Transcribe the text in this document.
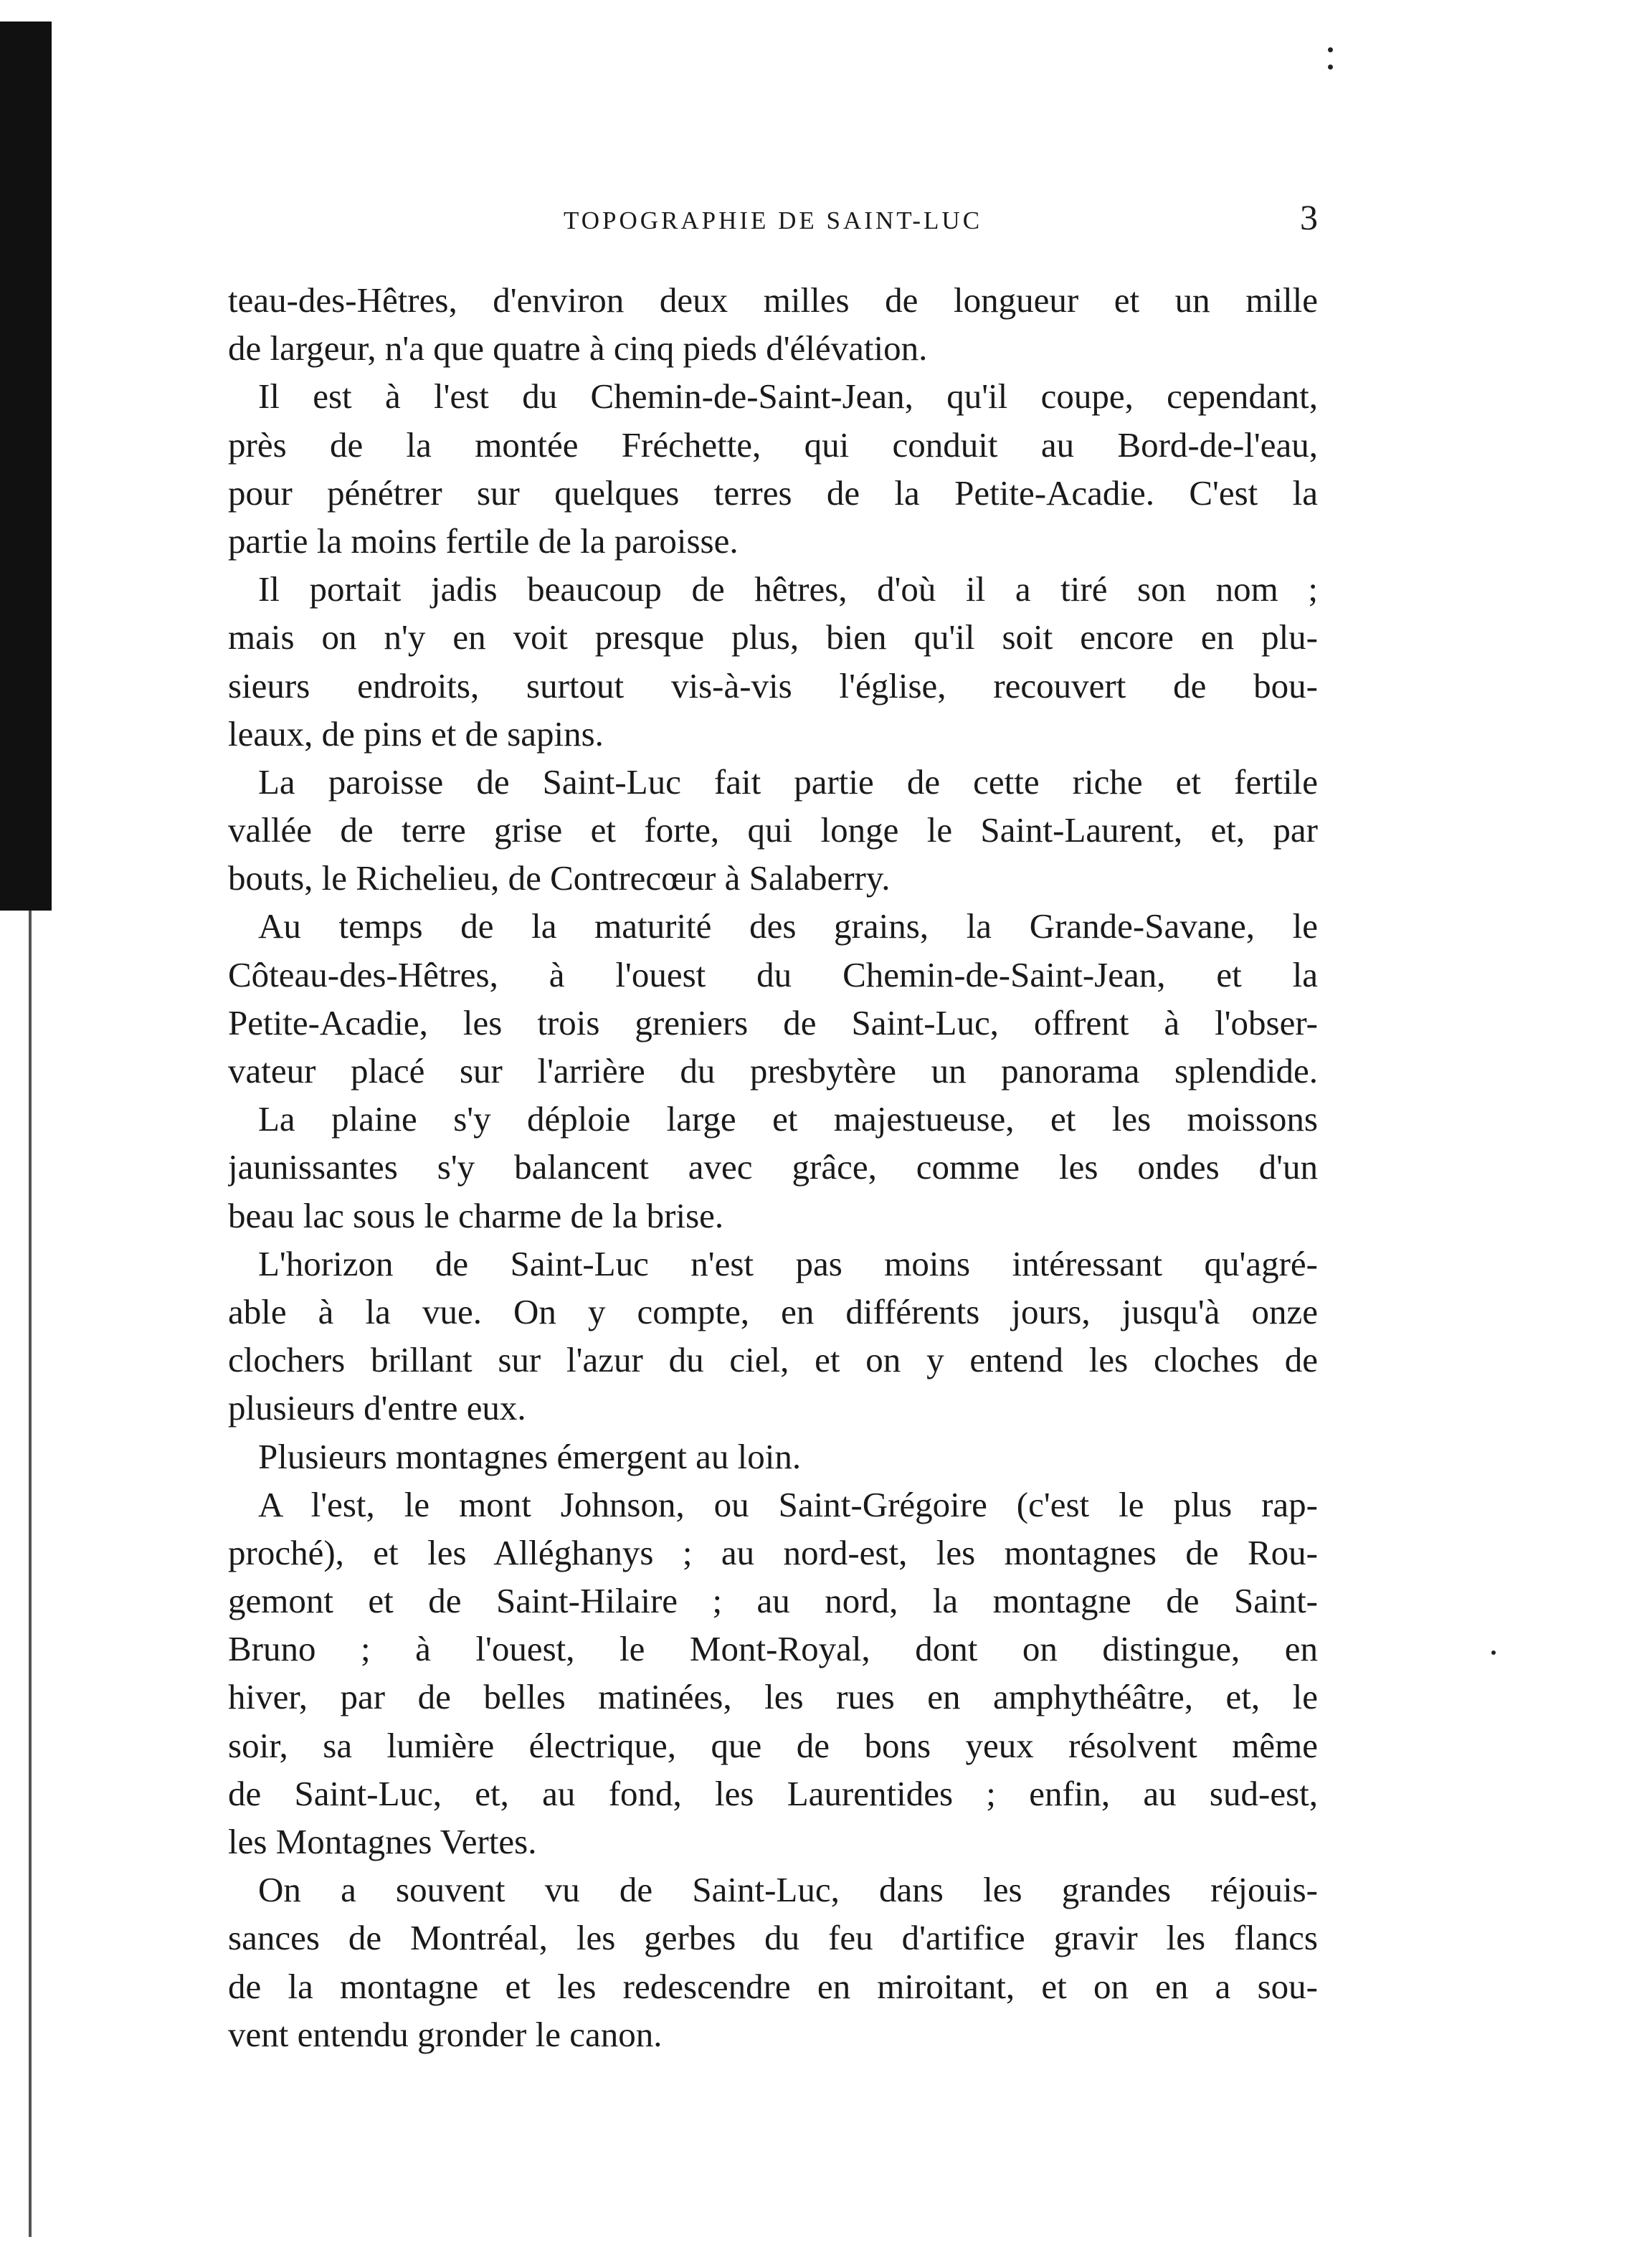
TOPOGRAPHIE DE SAINT-LUC	3
teau-des-Hêtres, d'environ deux milles de longueur et un mille
de largeur, n'a que quatre à cinq pieds d'élévation.
Il est à l'est du Chemin-de-Saint-Jean, qu'il coupe, cependant,
près de la montée Fréchette, qui conduit au Bord-de-l'eau,
pour pénétrer sur quelques terres de la Petite-Acadie. C'est la
partie la moins fertile de la paroisse.
Il portait jadis beaucoup de hêtres, d'où il a tiré son nom ;
mais on n'y en voit presque plus, bien qu'il soit encore en plu-
sieurs endroits, surtout vis-à-vis l'église, recouvert de bou-
leaux, de pins et de sapins.
La paroisse de Saint-Luc fait partie de cette riche et fertile
vallée de terre grise et forte, qui longe le Saint-Laurent, et, par
bouts, le Richelieu, de Contrecœur à Salaberry.
Au temps de la maturité des grains, la Grande-Savane, le
Côteau-des-Hêtres, à l'ouest du Chemin-de-Saint-Jean, et la
Petite-Acadie, les trois greniers de Saint-Luc, offrent à l'obser-
vateur placé sur l'arrière du presbytère un panorama splendide.
La plaine s'y déploie large et majestueuse, et les moissons
jaunissantes s'y balancent avec grâce, comme les ondes d'un
beau lac sous le charme de la brise.
L'horizon de Saint-Luc n'est pas moins intéressant qu'agré-
able à la vue. On y compte, en différents jours, jusqu'à onze
clochers brillant sur l'azur du ciel, et on y entend les cloches de
plusieurs d'entre eux.
Plusieurs montagnes émergent au loin.
A l'est, le mont Johnson, ou Saint-Grégoire (c'est le plus rap-
proché), et les Alléghanys ; au nord-est, les montagnes de Rou-
gemont et de Saint-Hilaire ; au nord, la montagne de Saint-
Bruno ; à l'ouest, le Mont-Royal, dont on distingue, en
hiver, par de belles matinées, les rues en amphythéâtre, et, le
soir, sa lumière électrique, que de bons yeux résolvent même
de Saint-Luc, et, au fond, les Laurentides ; enfin, au sud-est,
les Montagnes Vertes.
On a souvent vu de Saint-Luc, dans les grandes réjouis-
sances de Montréal, les gerbes du feu d'artifice gravir les flancs
de la montagne et les redescendre en miroitant, et on en a sou-
vent entendu gronder le canon.
